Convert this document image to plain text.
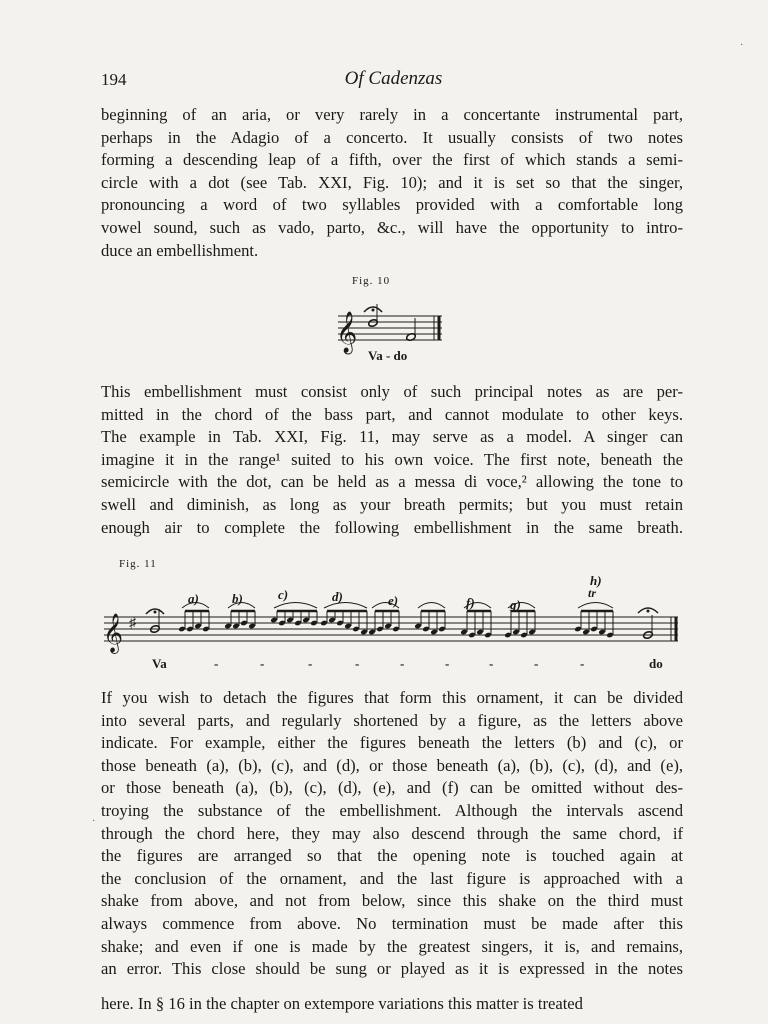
194	Of Cadenzas

beginning of an aria, or very rarely in a concertante instrumental part,
perhaps in the Adagio of a concerto. It usually consists of two notes
forming a descending leap of a fifth, over the first of which stands a semi-
circle with a dot (see Tab. XXI, Fig. 10); and it is set so that the singer,
pronouncing a word of two syllables provided with a comfortable long
vowel sound, such as vado, parto, &c., will have the opportunity to intro-
duce an embellishment.

Fig. 10
𝄞
Va - do

This embellishment must consist only of such principal notes as are per-
mitted in the chord of the bass part, and cannot modulate to other keys.
The example in Tab. XXI, Fig. 11, may serve as a model. A singer can
imagine it in the range¹ suited to his own voice. The first note, beneath the
semicircle with the dot, can be held as a messa di voce,² allowing the tone to
swell and diminish, as long as your breath permits; but you must retain
enough air to complete the following embellishment in the same breath.

Fig. 11
𝄞 ♯
a)	b)	c)	d)	e)	f)	g)
h)
tr
Va	do
-	-	-	-	-	-	-	-	-

If you wish to detach the figures that form this ornament, it can be divided
into several parts, and regularly shortened by a figure, as the letters above
indicate. For example, either the figures beneath the letters (b) and (c), or
those beneath (a), (b), (c), and (d), or those beneath (a), (b), (c), (d), and (e),
or those beneath (a), (b), (c), (d), (e), and (f) can be omitted without des-
troying the substance of the embellishment. Although the intervals ascend
through the chord here, they may also descend through the same chord, if
the figures are arranged so that the opening note is touched again at
the conclusion of the ornament, and the last figure is approached with a
shake from above, and not from below, since this shake on the third must
always commence from above. No termination must be made after this
shake; and even if one is made by the greatest singers, it is, and remains,
an error. This close should be sung or played as it is expressed in the notes

here. In § 16 in the chapter on extempore variations this matter is treated
·
·
